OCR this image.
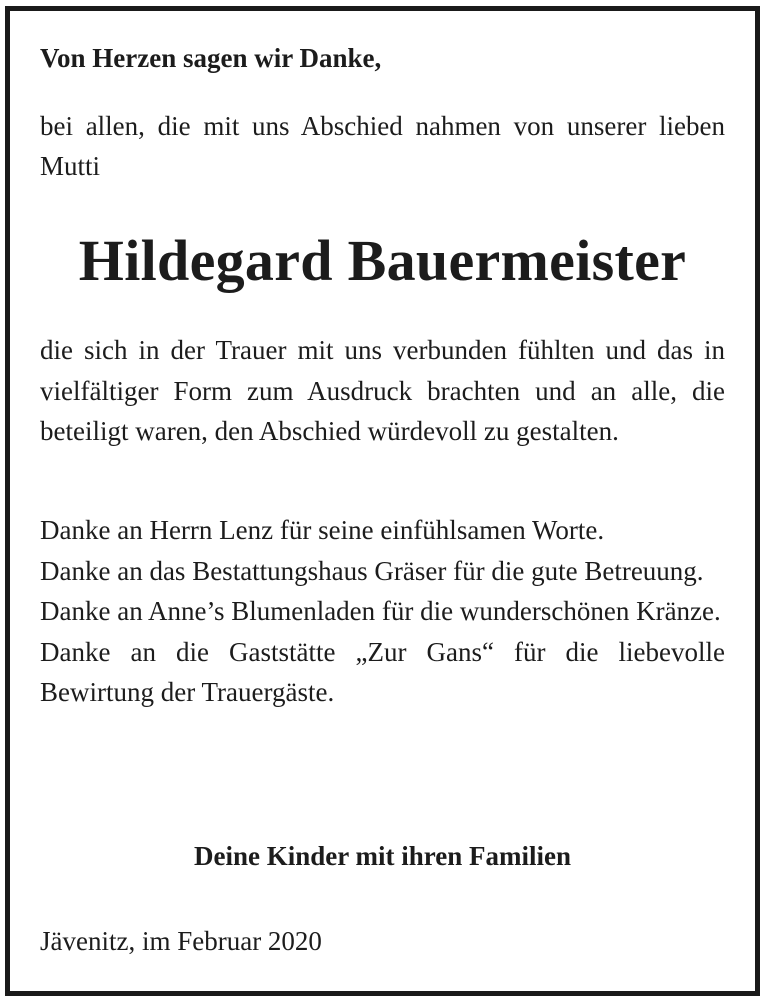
Von Herzen sagen wir Danke,

bei allen, die mit uns Abschied nahmen von unserer lieben Mutti

Hildegard Bauermeister

die sich in der Trauer mit uns verbunden fühlten und das in vielfältiger Form zum Ausdruck brachten und an alle, die beteiligt waren, den Abschied würdevoll zu gestalten.

Danke an Herrn Lenz für seine einfühlsamen Worte.

Danke an das Bestattungshaus Gräser für die gute Betreuung.

Danke an Anne’s Blumenladen für die wunderschönen Kränze.

Danke an die Gaststätte „Zur Gans“ für die liebevolle Bewirtung der Trauergäste.

Deine Kinder mit ihren Familien

Jävenitz, im Februar 2020
